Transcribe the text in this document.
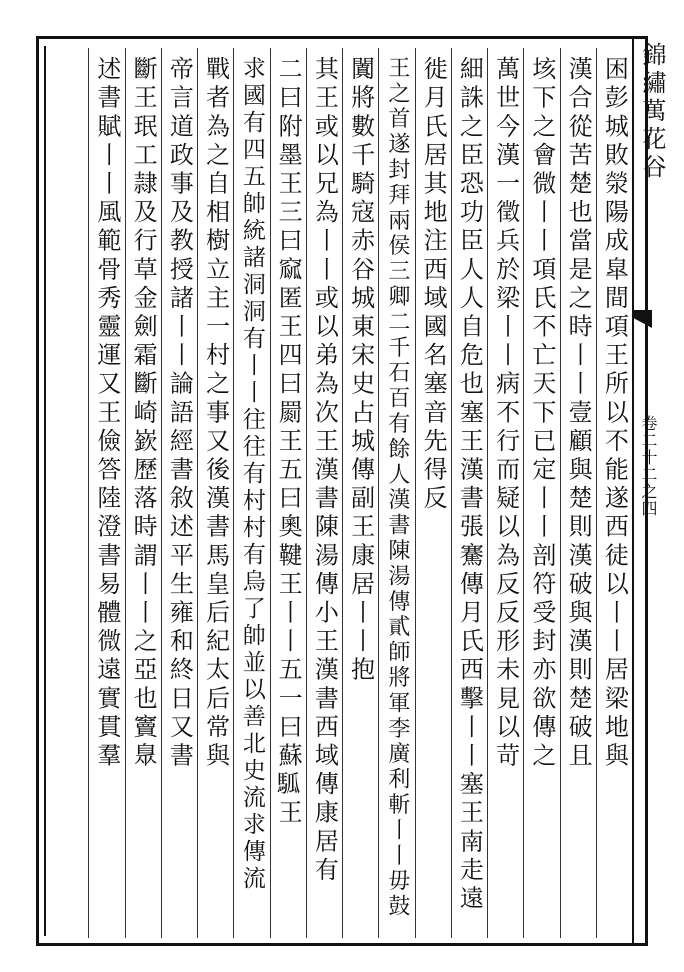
錦繡萬花谷
卷二十二之四
困彭城敗滎陽成皐間項王所以不能遂西徒以丨丨居梁地與
漢合從苦楚也當是之時丨丨壹顧與楚則漢破與漢則楚破且
垓下之會微丨丨項氏不亡天下已定丨丨剖符受封亦欲傳之
萬世今漢一徵兵於梁丨丨病不行而疑以為反反形未見以苛
細誅之臣恐功臣人人自危也塞王漢書張騫傳月氏西擊丨丨塞王南走遠
徙月氏居其地注西域國名塞音先得反
王之首遂封拜兩侯三卿二千石百有餘人漢書陳湯傳貳師將軍李廣利斬丨丨毋鼓
闐將數千騎寇赤谷城東宋史占城傳副王康居丨丨抱
其王或以兄為丨丨或以弟為次王漢書陳湯傳小王漢書西域傳康居有
二曰附墨王三曰窳匿王四曰罽王五曰奧鞬王丨丨五一曰蘇𩢍王
求國有四五帥統諸洞洞有丨丨往往有村村有烏了帥並以善北史流求傳流
戰者為之自相樹立主一村之事又後漢書馬皇后紀太后常與
帝言道政事及教授諸丨丨論語經書敘述平生雍和終日又書
斷王珉工隷及行草金劍霜斷崎嶔歷落時謂丨丨之亞也竇臮
述書賦丨丨風範骨秀靈運又王儉答陸澄書易體微遠實貫羣
